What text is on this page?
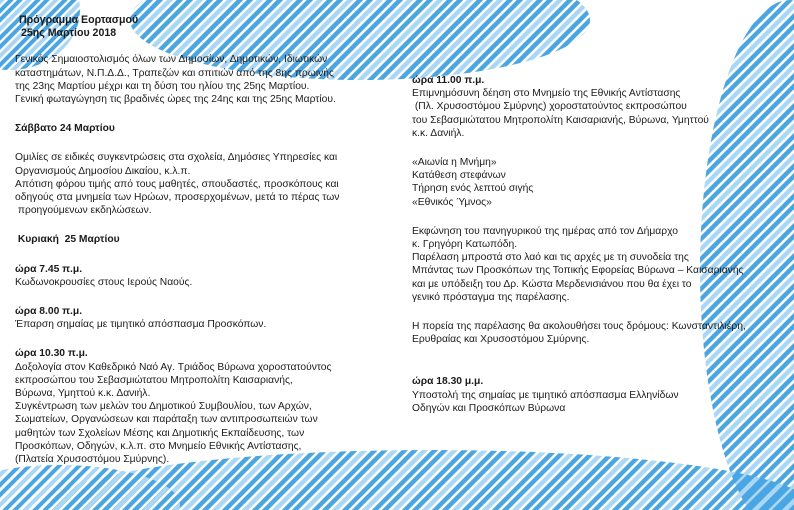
Πρόγραμμα Εορτασμού
25ης Μαρτίου 2018
Γενικός Σημαιοστολισμός όλων των Δημοσίων, Δημοτικών, Ιδιωτικών
καταστημάτων, Ν.Π.Δ.Δ., Τραπεζών και σπιτιών από της 8ης πρωινής
της 23ης Μαρτίου μέχρι και τη δύση του ηλίου της 25ης Μαρτίου.
Γενική φωταγώγηση τις βραδινές ώρες της 24ης και της 25ης Μαρτίου.
Σάββατο 24 Μαρτίου
Ομιλίες σε ειδικές συγκεντρώσεις στα σχολεία, Δημόσιες Υπηρεσίες και
Οργανισμούς Δημοσίου Δικαίου, κ.λ.π.
Απότιση φόρου τιμής από τους μαθητές, σπουδαστές, προσκόπους και
οδηγούς στα μνημεία των Ηρώων, προσερχομένων, μετά το πέρας των
προηγούμενων εκδηλώσεων.
Κυριακή  25 Μαρτίου
ώρα 7.45 π.μ.
Κωδωνοκρουσίες στους Ιερούς Ναούς.
ώρα 8.00 π.μ.
Έπαρση σημαίας με τιμητικό απόσπασμα Προσκόπων.
ώρα 10.30 π.μ.
Δοξολογία στον Καθεδρικό Ναό Αγ. Τριάδος Βύρωνα χοροστατούντος
εκπροσώπου του Σεβασμιώτατου Μητροπολίτη Καισαριανής,
Βύρωνα, Υμηττού κ.κ. Δανιήλ.
Συγκέντρωση των μελών του Δημοτικού Συμβουλίου, των Αρχών,
Σωματείων, Οργανώσεων και παράταξη των αντιπροσωπειών των
μαθητών των Σχολείων Μέσης και Δημοτικής Εκπαίδευσης, των
Προσκόπων, Οδηγών, κ.λ.π. στο Μνημείο Εθνικής Αντίστασης,
(Πλατεία Χρυσοστόμου Σμύρνης).
ώρα 11.00 π.μ.
Επιμνημόσυνη δέηση στο Μνημείο της Εθνικής Αντίστασης
(Πλ. Χρυσοστόμου Σμύρνης) χοροστατούντος εκπροσώπου
του Σεβασμιώτατου Μητροπολίτη Καισαριανής, Βύρωνα, Υμηττού
κ.κ. Δανιήλ.
«Αιωνία η Μνήμη»
Κατάθεση στεφάνων
Τήρηση ενός λεπτού σιγής
«Εθνικός Ύμνος»
Εκφώνηση του πανηγυρικού της ημέρας από τον Δήμαρχο
κ. Γρηγόρη Κατωπόδη.
Παρέλαση μπροστά στο λαό και τις αρχές με τη συνοδεία της
Μπάντας των Προσκόπων της Τοπικής Εφορείας Βύρωνα – Καισαριανής
και με υπόδειξη του Δρ. Κώστα Μερδενισιάνου που θα έχει το
γενικό πρόσταγμα της παρέλασης.
Η πορεία της παρέλασης θα ακολουθήσει τους δρόμους: Κωνσταντιλιέρη,
Ερυθραίας και Χρυσοστόμου Σμύρνης.
ώρα 18.30 μ.μ.
Υποστολή της σημαίας με τιμητικό απόσπασμα Ελληνίδων
Οδηγών και Προσκόπων Βύρωνα
